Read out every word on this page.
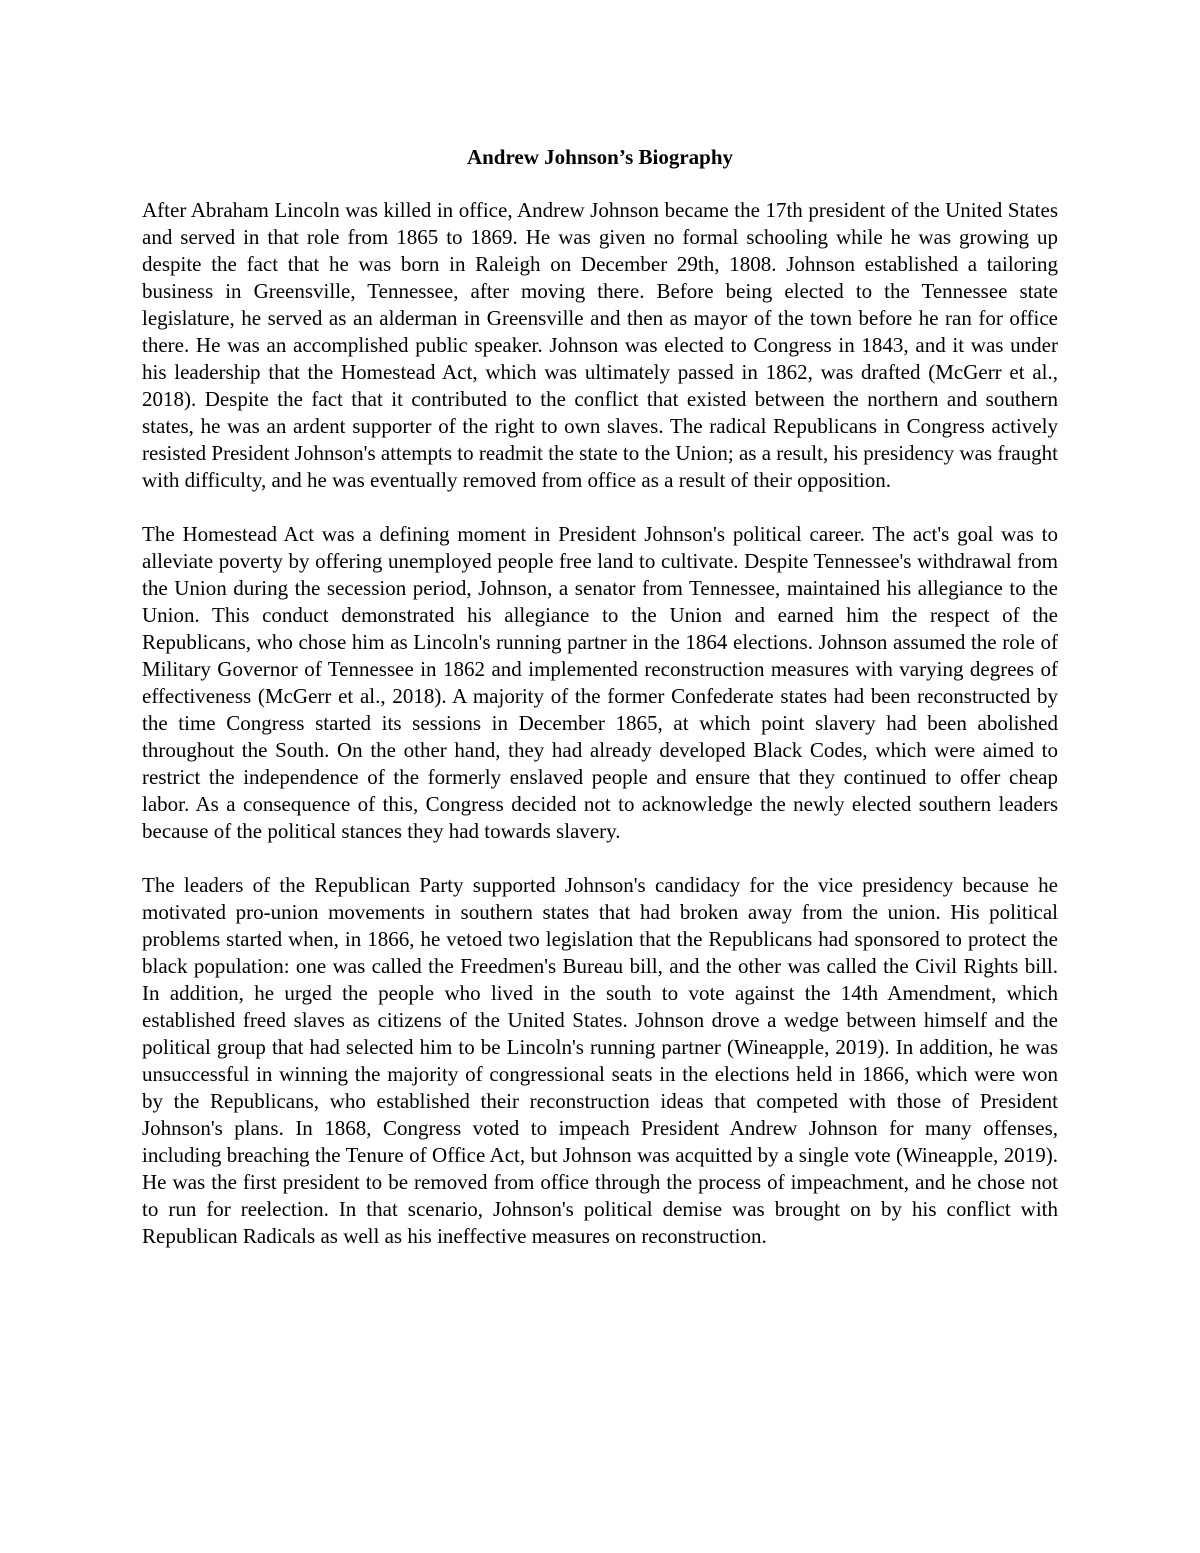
Andrew Johnson’s Biography

After Abraham Lincoln was killed in office, Andrew Johnson became the 17th president of the United States and served in that role from 1865 to 1869. He was given no formal schooling while he was growing up despite the fact that he was born in Raleigh on December 29th, 1808. Johnson established a tailoring business in Greensville, Tennessee, after moving there. Before being elected to the Tennessee state legislature, he served as an alderman in Greensville and then as mayor of the town before he ran for office there. He was an accomplished public speaker. Johnson was elected to Congress in 1843, and it was under his leadership that the Homestead Act, which was ultimately passed in 1862, was drafted (McGerr et al., 2018). Despite the fact that it contributed to the conflict that existed between the northern and southern states, he was an ardent supporter of the right to own slaves. The radical Republicans in Congress actively resisted President Johnson's attempts to readmit the state to the Union; as a result, his presidency was fraught with difficulty, and he was eventually removed from office as a result of their opposition.

The Homestead Act was a defining moment in President Johnson's political career. The act's goal was to alleviate poverty by offering unemployed people free land to cultivate. Despite Tennessee's withdrawal from the Union during the secession period, Johnson, a senator from Tennessee, maintained his allegiance to the Union. This conduct demonstrated his allegiance to the Union and earned him the respect of the Republicans, who chose him as Lincoln's running partner in the 1864 elections. Johnson assumed the role of Military Governor of Tennessee in 1862 and implemented reconstruction measures with varying degrees of effectiveness (McGerr et al., 2018). A majority of the former Confederate states had been reconstructed by the time Congress started its sessions in December 1865, at which point slavery had been abolished throughout the South. On the other hand, they had already developed Black Codes, which were aimed to restrict the independence of the formerly enslaved people and ensure that they continued to offer cheap labor. As a consequence of this, Congress decided not to acknowledge the newly elected southern leaders because of the political stances they had towards slavery.

The leaders of the Republican Party supported Johnson's candidacy for the vice presidency because he motivated pro-union movements in southern states that had broken away from the union. His political problems started when, in 1866, he vetoed two legislation that the Republicans had sponsored to protect the black population: one was called the Freedmen's Bureau bill, and the other was called the Civil Rights bill. In addition, he urged the people who lived in the south to vote against the 14th Amendment, which established freed slaves as citizens of the United States. Johnson drove a wedge between himself and the political group that had selected him to be Lincoln's running partner (Wineapple, 2019). In addition, he was unsuccessful in winning the majority of congressional seats in the elections held in 1866, which were won by the Republicans, who established their reconstruction ideas that competed with those of President Johnson's plans. In 1868, Congress voted to impeach President Andrew Johnson for many offenses, including breaching the Tenure of Office Act, but Johnson was acquitted by a single vote (Wineapple, 2019). He was the first president to be removed from office through the process of impeachment, and he chose not to run for reelection. In that scenario, Johnson's political demise was brought on by his conflict with Republican Radicals as well as his ineffective measures on reconstruction.
